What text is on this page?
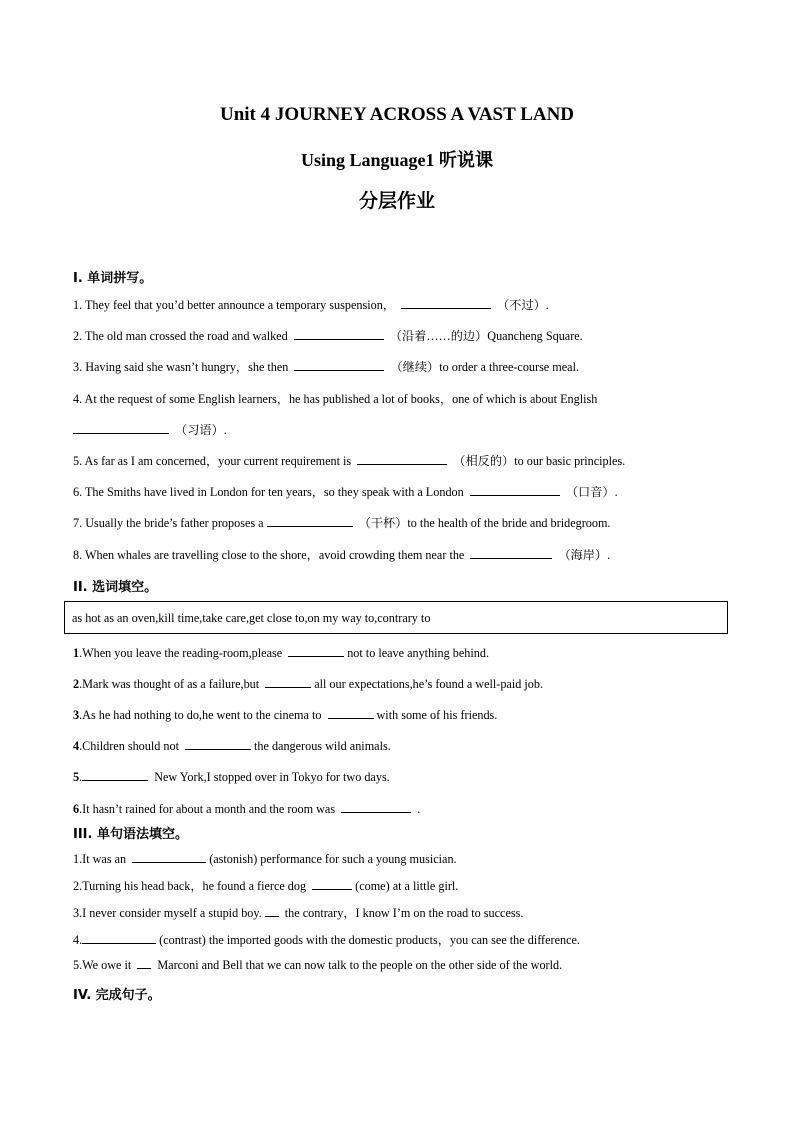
Unit 4 JOURNEY ACROSS A VAST LAND
Using Language1 听说课
分层作业
Ⅰ. 单词拼写。
1. They feel that you’d better announce a temporary suspension，	（不过）.
2. The old man crossed the road and walked	（沿着……的边）Quancheng Square.
3. Having said she wasn’t hungry，she then	（继续）to order a three-course meal.
4. At the request of some English learners，he has published a lot of books，one of which is about English
（习语）.
5. As far as I am concerned，your current requirement is	（相反的）to our basic principles.
6. The Smiths have lived in London for ten years，so they speak with a London	（口音）.
7. Usually the bride’s father proposes a	（干杯）to the health of the bride and bridegroom.
8. When whales are travelling close to the shore，avoid crowding them near the	（海岸）.
II. 选词填空。
as hot as an oven,kill time,take care,get close to,on my way to,contrary to
1.When you leave the reading-room,please	not to leave anything behind.
2.Mark was thought of as a failure,but	all our expectations,he’s found a well-paid job.
3.As he had nothing to do,he went to the cinema to	with some of his friends.
4.Children should not	the dangerous wild animals.
5.	New York,I stopped over in Tokyo for two days.
6.It hasn’t rained for about a month and the room was	.
III. 单句语法填空。
1.It was an	(astonish) performance for such a young musician.
2.Turning his head back，he found a fierce dog	(come) at a little girl.
3.I never consider myself a stupid boy. the contrary，I know I’m on the road to success.
4.	(contrast) the imported goods with the domestic products，you can see the difference.
5.We owe it Marconi and Bell that we can now talk to the people on the other side of the world.
IV. 完成句子。
